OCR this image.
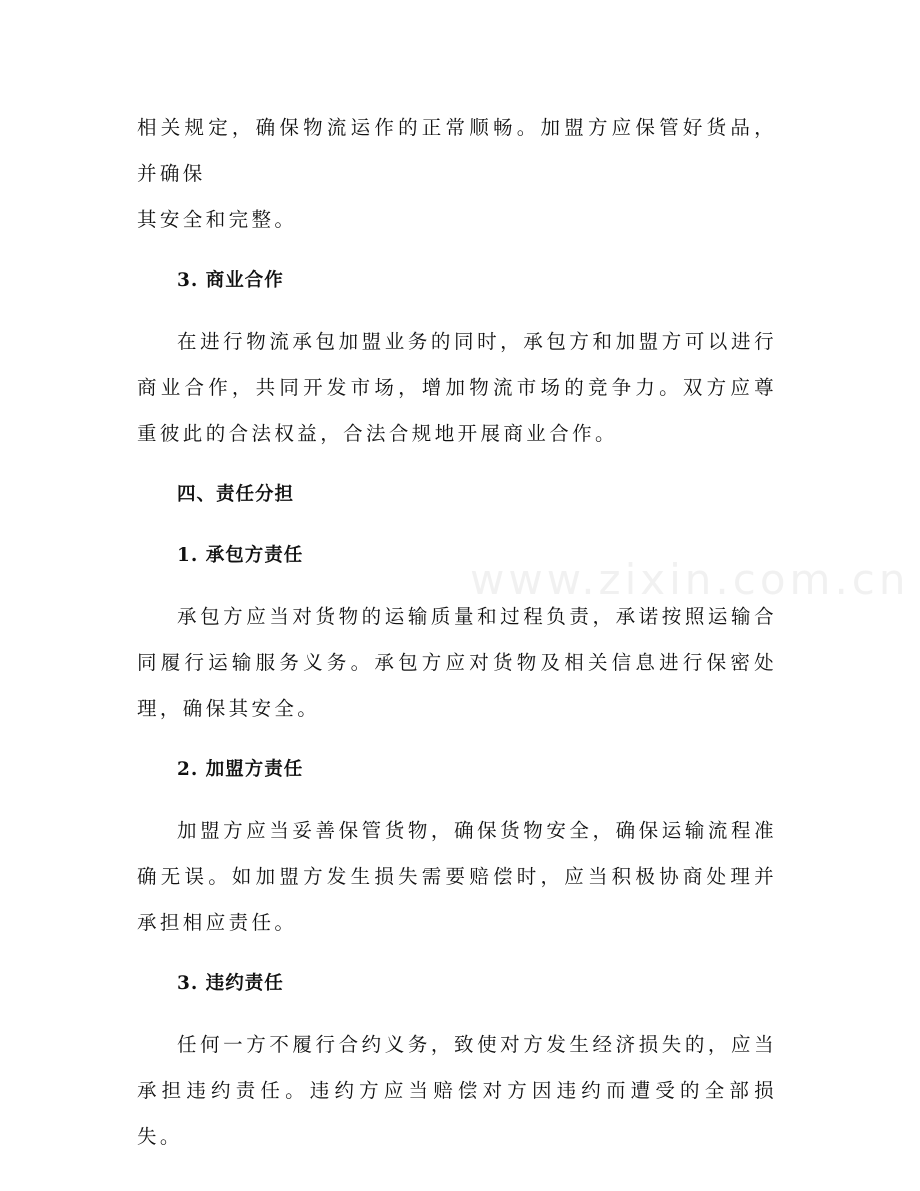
相关规定，确保物流运作的正常顺畅。加盟方应保管好货品，并确保
其安全和完整。

3. 商业合作

在进行物流承包加盟业务的同时，承包方和加盟方可以进行商业合作，共同开发市场，增加物流市场的竞争力。双方应尊重彼此的合法权益，合法合规地开展商业合作。

四、责任分担

1. 承包方责任

承包方应当对货物的运输质量和过程负责，承诺按照运输合同履行运输服务义务。承包方应对货物及相关信息进行保密处理，确保其安全。

2. 加盟方责任

加盟方应当妥善保管货物，确保货物安全，确保运输流程准确无误。如加盟方发生损失需要赔偿时，应当积极协商处理并承担相应责任。

3. 违约责任

任何一方不履行合约义务，致使对方发生经济损失的，应当承担违约责任。违约方应当赔偿对方因违约而遭受的全部损失。

www.zixin.com.cn
